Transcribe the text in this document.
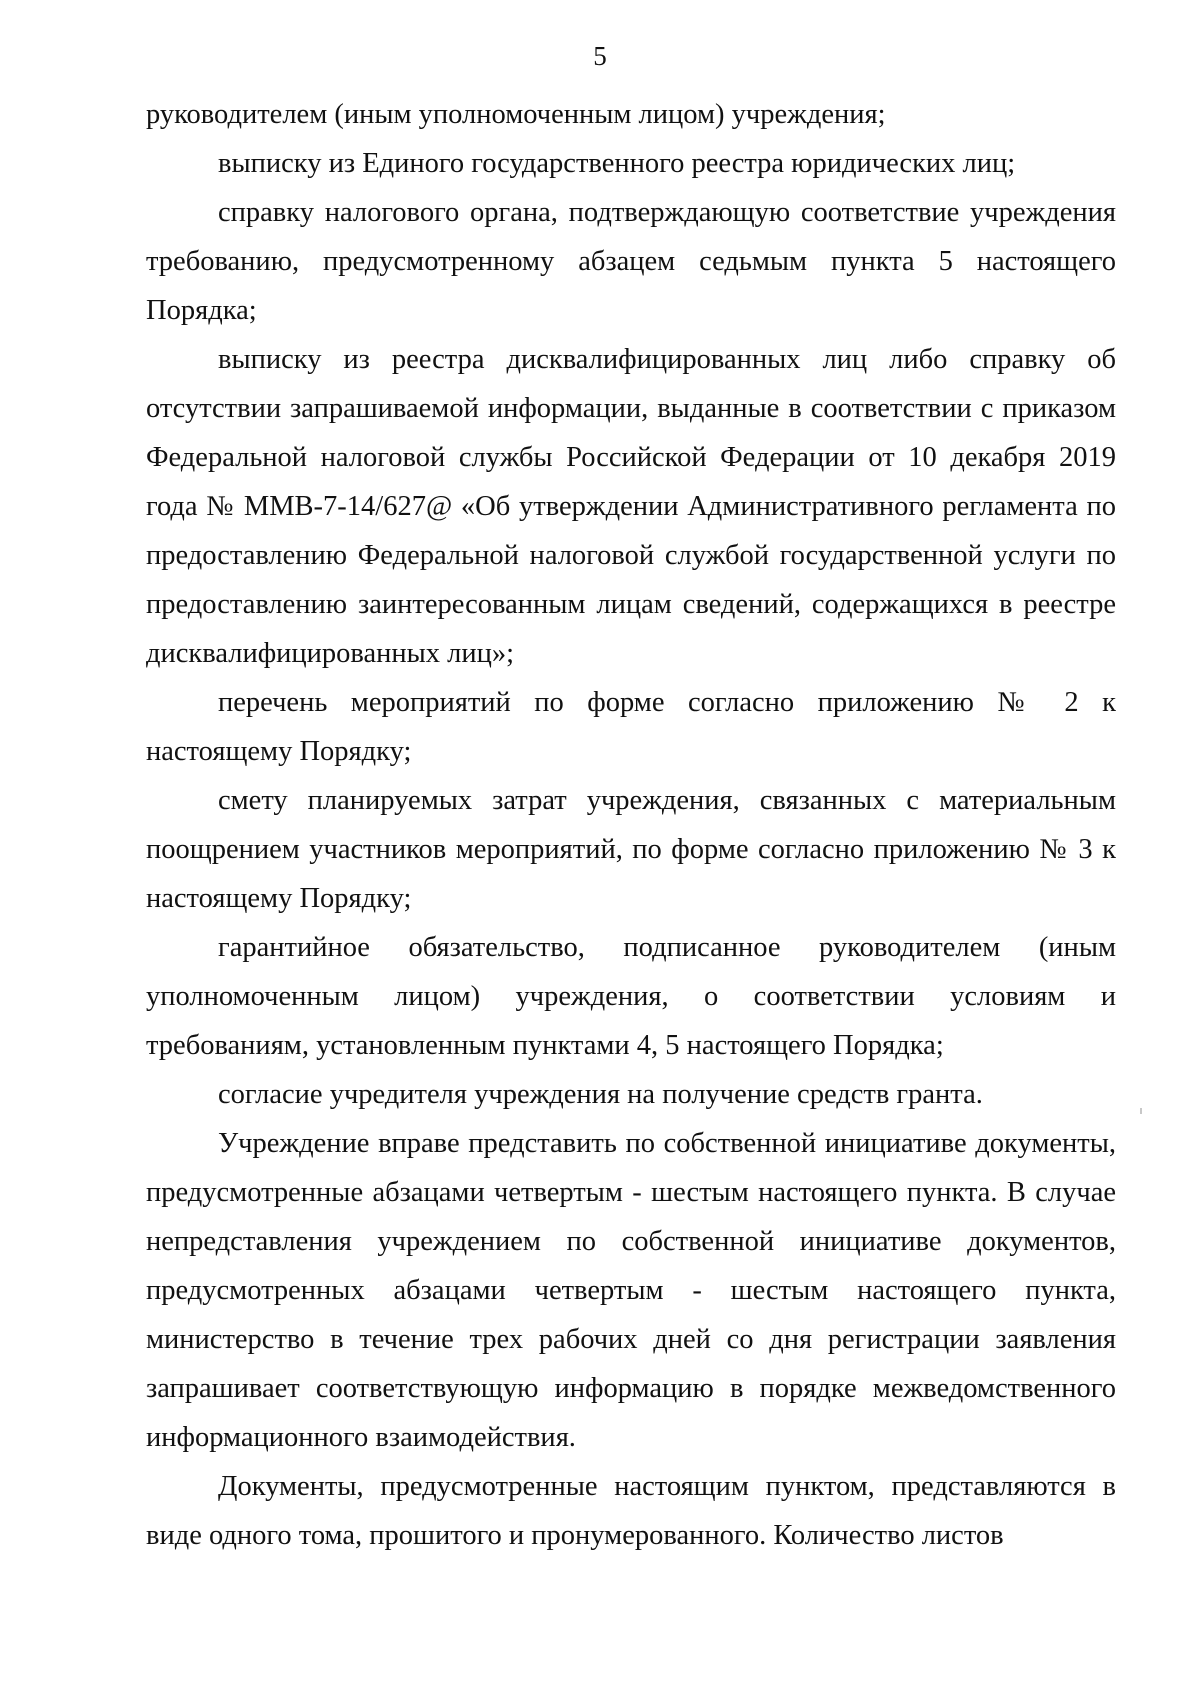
5

руководителем (иным уполномоченным лицом) учреждения;

выписку из Единого государственного реестра юридических лиц;

справку налогового органа, подтверждающую соответствие учреждения требованию, предусмотренному абзацем седьмым пункта 5 настоящего Порядка;

выписку из реестра дисквалифицированных лиц либо справку об отсутствии запрашиваемой информации, выданные в соответствии с приказом Федеральной налоговой службы Российской Федерации от 10 декабря 2019 года № ММВ-7-14/627@ «Об утверждении Административного регламента по предоставлению Федеральной налоговой службой государственной услуги по предоставлению заинтересованным лицам сведений, содержащихся в реестре дисквалифицированных лиц»;

перечень мероприятий по форме согласно приложению № 2 к настоящему Порядку;

смету планируемых затрат учреждения, связанных с материальным поощрением участников мероприятий, по форме согласно приложению № 3 к настоящему Порядку;

гарантийное обязательство, подписанное руководителем (иным уполномоченным лицом) учреждения, о соответствии условиям и требованиям, установленным пунктами 4, 5 настоящего Порядка;

согласие учредителя учреждения на получение средств гранта.

Учреждение вправе представить по собственной инициативе документы, предусмотренные абзацами четвертым - шестым настоящего пункта. В случае непредставления учреждением по собственной инициативе документов, предусмотренных абзацами четвертым - шестым настоящего пункта, министерство в течение трех рабочих дней со дня регистрации заявления запрашивает соответствующую информацию в порядке межведомственного информационного взаимодействия.

Документы, предусмотренные настоящим пунктом, представляются в виде одного тома, прошитого и пронумерованного. Количество листов
